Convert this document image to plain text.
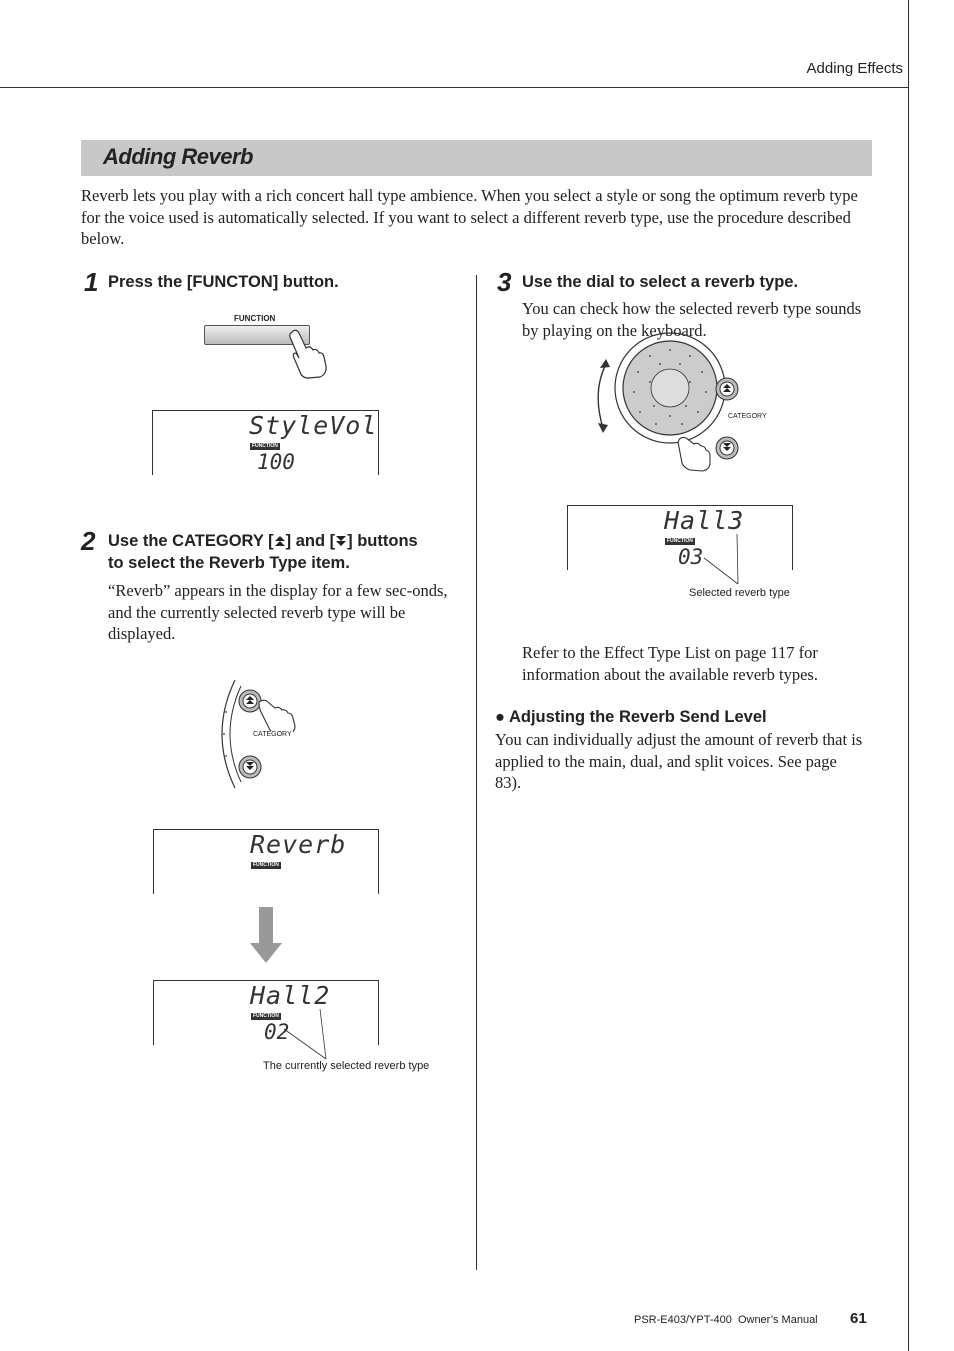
Adding Effects
Adding Reverb
Reverb lets you play with a rich concert hall type ambience. When you select a style or song the optimum reverb type for the voice used is automatically selected. If you want to select a different reverb type, use the procedure described below.
1 Press the [FUNCTON] button.
FUNCTION
StyleVol
FUNCTION
100
2 Use the CATEGORY [ ] and [ ] buttons
to select the Reverb Type item.
“Reverb” appears in the display for a few sec-onds, and the currently selected reverb type will be displayed.
CATEGORY
Reverb
FUNCTION
Hall2
FUNCTION
02
The currently selected reverb type
3 Use the dial to select a reverb type.
You can check how the selected reverb type sounds by playing on the keyboard.
CATEGORY
Hall3
FUNCTION
03
Selected reverb type
Refer to the Effect Type List on page 117 for information about the available reverb types.
● Adjusting the Reverb Send Level
You can individually adjust the amount of reverb that is applied to the main, dual, and split voices. See page 83).
PSR-E403/YPT-400  Owner’s Manual 61
